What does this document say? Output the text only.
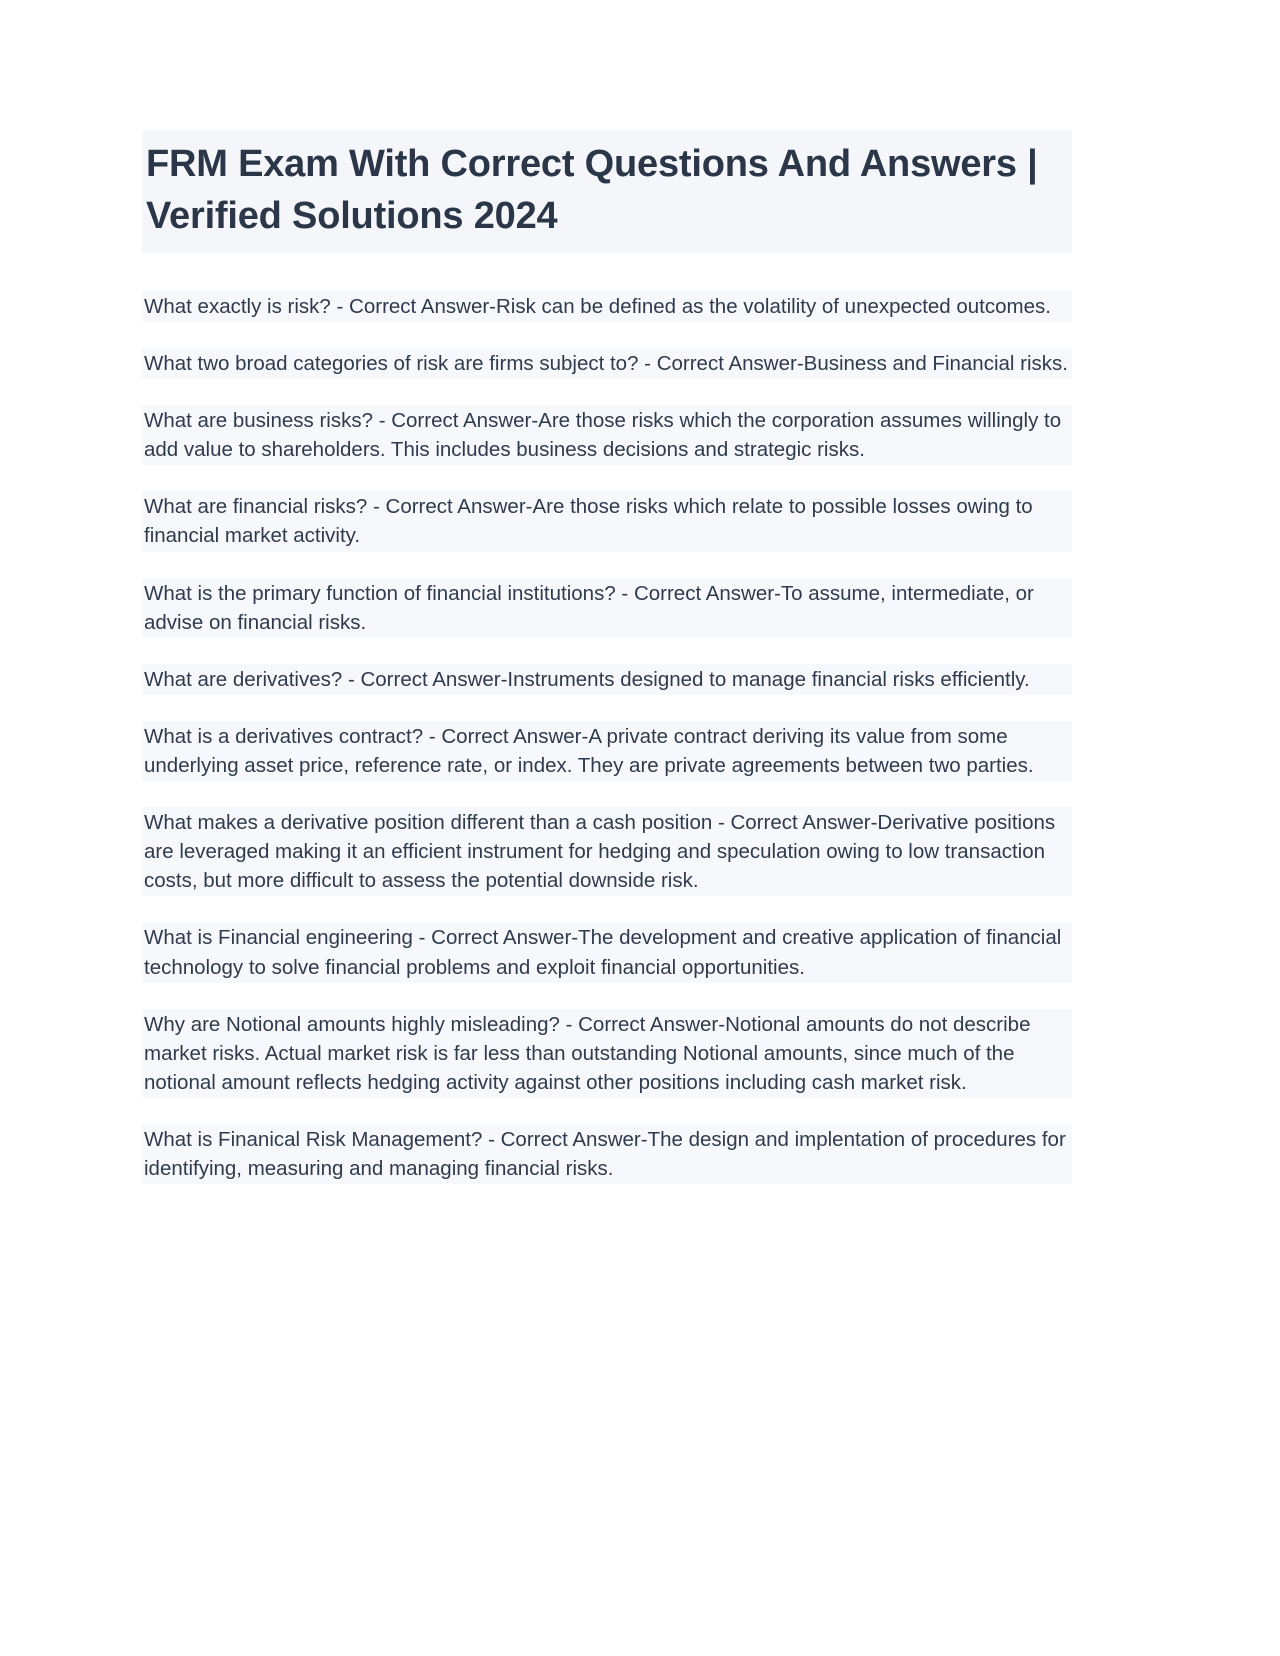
FRM Exam With Correct Questions And Answers | Verified Solutions 2024

What exactly is risk? - Correct Answer-Risk can be defined as the volatility of unexpected outcomes.

What two broad categories of risk are firms subject to? - Correct Answer-Business and Financial risks.

What are business risks? - Correct Answer-Are those risks which the corporation assumes willingly to add value to shareholders. This includes business decisions and strategic risks.

What are financial risks? - Correct Answer-Are those risks which relate to possible losses owing to financial market activity.

What is the primary function of financial institutions? - Correct Answer-To assume, intermediate, or advise on financial risks.

What are derivatives? - Correct Answer-Instruments designed to manage financial risks efficiently.

What is a derivatives contract? - Correct Answer-A private contract deriving its value from some underlying asset price, reference rate, or index. They are private agreements between two parties.

What makes a derivative position different than a cash position - Correct Answer-Derivative positions are leveraged making it an efficient instrument for hedging and speculation owing to low transaction costs, but more difficult to assess the potential downside risk.

What is Financial engineering - Correct Answer-The development and creative application of financial technology to solve financial problems and exploit financial opportunities.

Why are Notional amounts highly misleading? - Correct Answer-Notional amounts do not describe market risks. Actual market risk is far less than outstanding Notional amounts, since much of the notional amount reflects hedging activity against other positions including cash market risk.

What is Finanical Risk Management? - Correct Answer-The design and implentation of procedures for identifying, measuring and managing financial risks.
